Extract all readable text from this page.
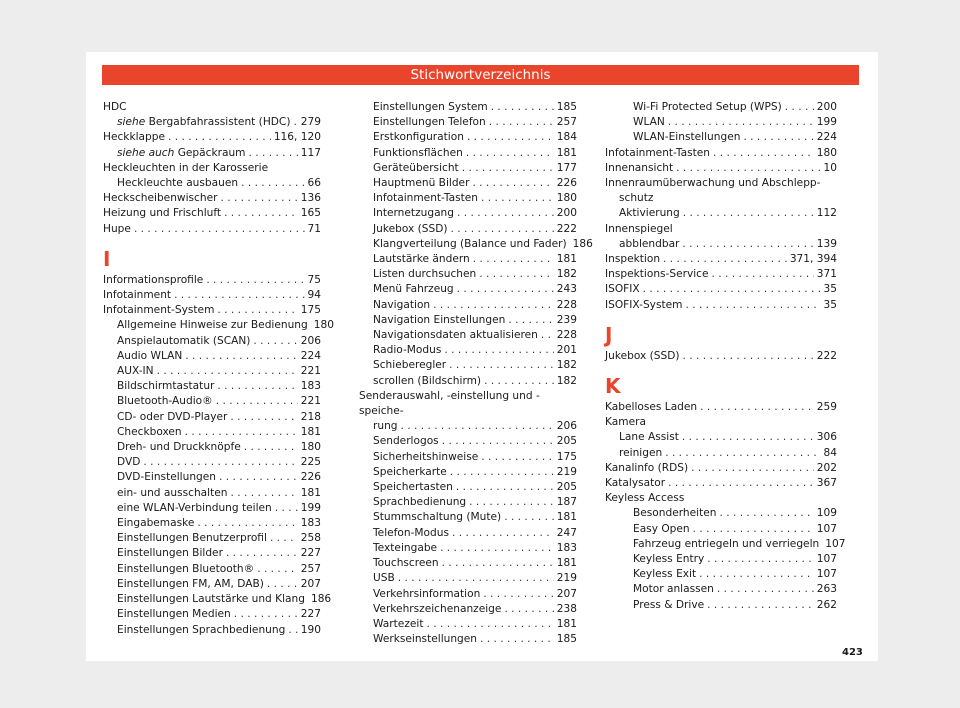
Stichwortverzeichnis
HDC
siehe Bergabfahrassistent (HDC) . . . 279
Heckklappe . . .	116, 120
siehe auch Gepäckraum . . .	117
Heckleuchten in der Karosserie
Heckleuchte ausbauen . . .	66
Heckscheibenwischer . . .	136
Heizung und Frischluft . . .	165
Hupe . . .	71
I
Informationsprofile . . .	75
Infotainment . . .	94
Infotainment-System . . .	175
Allgemeine Hinweise zur Bedienung 180
Anspielautomatik (SCAN) . . .	206
Audio WLAN . . .	224
AUX-IN . . .	221
Bildschirmtastatur . . .	183
Bluetooth-Audio® . . .	221
CD- oder DVD-Player . . .	218
Checkboxen . . .	181
Dreh- und Druckknöpfe . . .	180
DVD . . .	225
DVD-Einstellungen . . .	226
ein- und ausschalten . . .	181
eine WLAN-Verbindung teilen . . .	199
Eingabemaske . . .	183
Einstellungen Benutzerprofil . . .	258
Einstellungen Bilder . . .	227
Einstellungen Bluetooth® . . .	257
Einstellungen FM, AM, DAB) . . .	207
Einstellungen Lautstärke und Klang 186
Einstellungen Medien . . .	227
Einstellungen Sprachbedienung . . . 190
Einstellungen System . . .	185
Einstellungen Telefon . . .	257
Erstkonfiguration . . .	184
Funktionsflächen . . .	181
Geräteübersicht . . .	177
Hauptmenü Bilder . . .	226
Infotainment-Tasten . . .	180
Internetzugang . . .	200
Jukebox (SSD) . . .	222
Klangverteilung (Balance und Fader) 186
Lautstärke ändern . . .	181
Listen durchsuchen . . .	182
Menü Fahrzeug . . .	243
Navigation . . .	228
Navigation Einstellungen . . .	239
Navigationsdaten aktualisieren . . . 228
Radio-Modus . . .	201
Schieberegler . . .	182
scrollen (Bildschirm) . . .	182
Senderauswahl, -einstellung und -speiche-
rung . . .	206
Senderlogos . . .	205
Sicherheitshinweise . . .	175
Speicherkarte . . .	219
Speichertasten . . .	205
Sprachbedienung . . .	187
Stummschaltung (Mute) . . .	181
Telefon-Modus . . .	247
Texteingabe . . .	183
Touchscreen . . .	181
USB . . .	219
Verkehrsinformation . . .	207
Verkehrszeichenanzeige . . .	238
Wartezeit . . .	181
Werkseinstellungen . . .	185
Wi-Fi Protected Setup (WPS) . . .	200
WLAN . . .	199
WLAN-Einstellungen . . .	224
Infotainment-Tasten . . .	180
Innenansicht . . .	10
Innenraumüberwachung und Abschlepp-
schutz
Aktivierung . . .	112
Innenspiegel
abblendbar . . .	139
Inspektion . . .	371, 394
Inspektions-Service . . .	371
ISOFIX . . .	35
ISOFIX-System . . .	35
J
Jukebox (SSD) . . .	222
K
Kabelloses Laden . . .	259
Kamera
Lane Assist . . .	306
reinigen . . .	84
Kanalinfo (RDS) . . .	202
Katalysator . . .	367
Keyless Access
Besonderheiten . . .	109
Easy Open . . .	107
Fahrzeug entriegeln und verriegeln 107
Keyless Entry . . .	107
Keyless Exit . . .	107
Motor anlassen . . .	263
Press & Drive . . .	262
423
